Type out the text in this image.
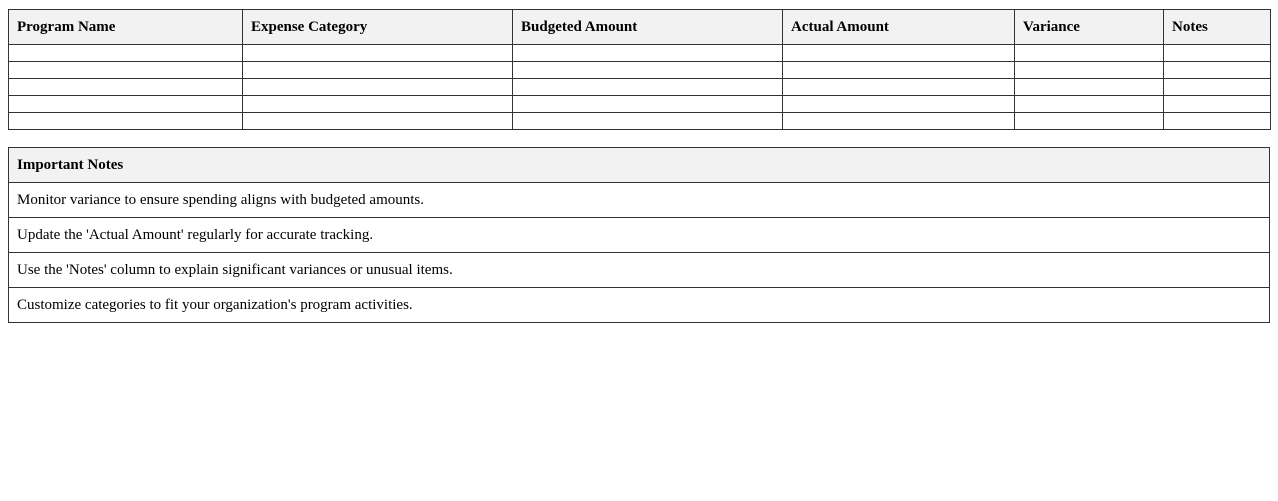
Program Name	Expense Category	Budgeted Amount	Actual Amount	Variance	Notes

Important Notes
Monitor variance to ensure spending aligns with budgeted amounts.
Update the 'Actual Amount' regularly for accurate tracking.
Use the 'Notes' column to explain significant variances or unusual items.
Customize categories to fit your organization's program activities.
